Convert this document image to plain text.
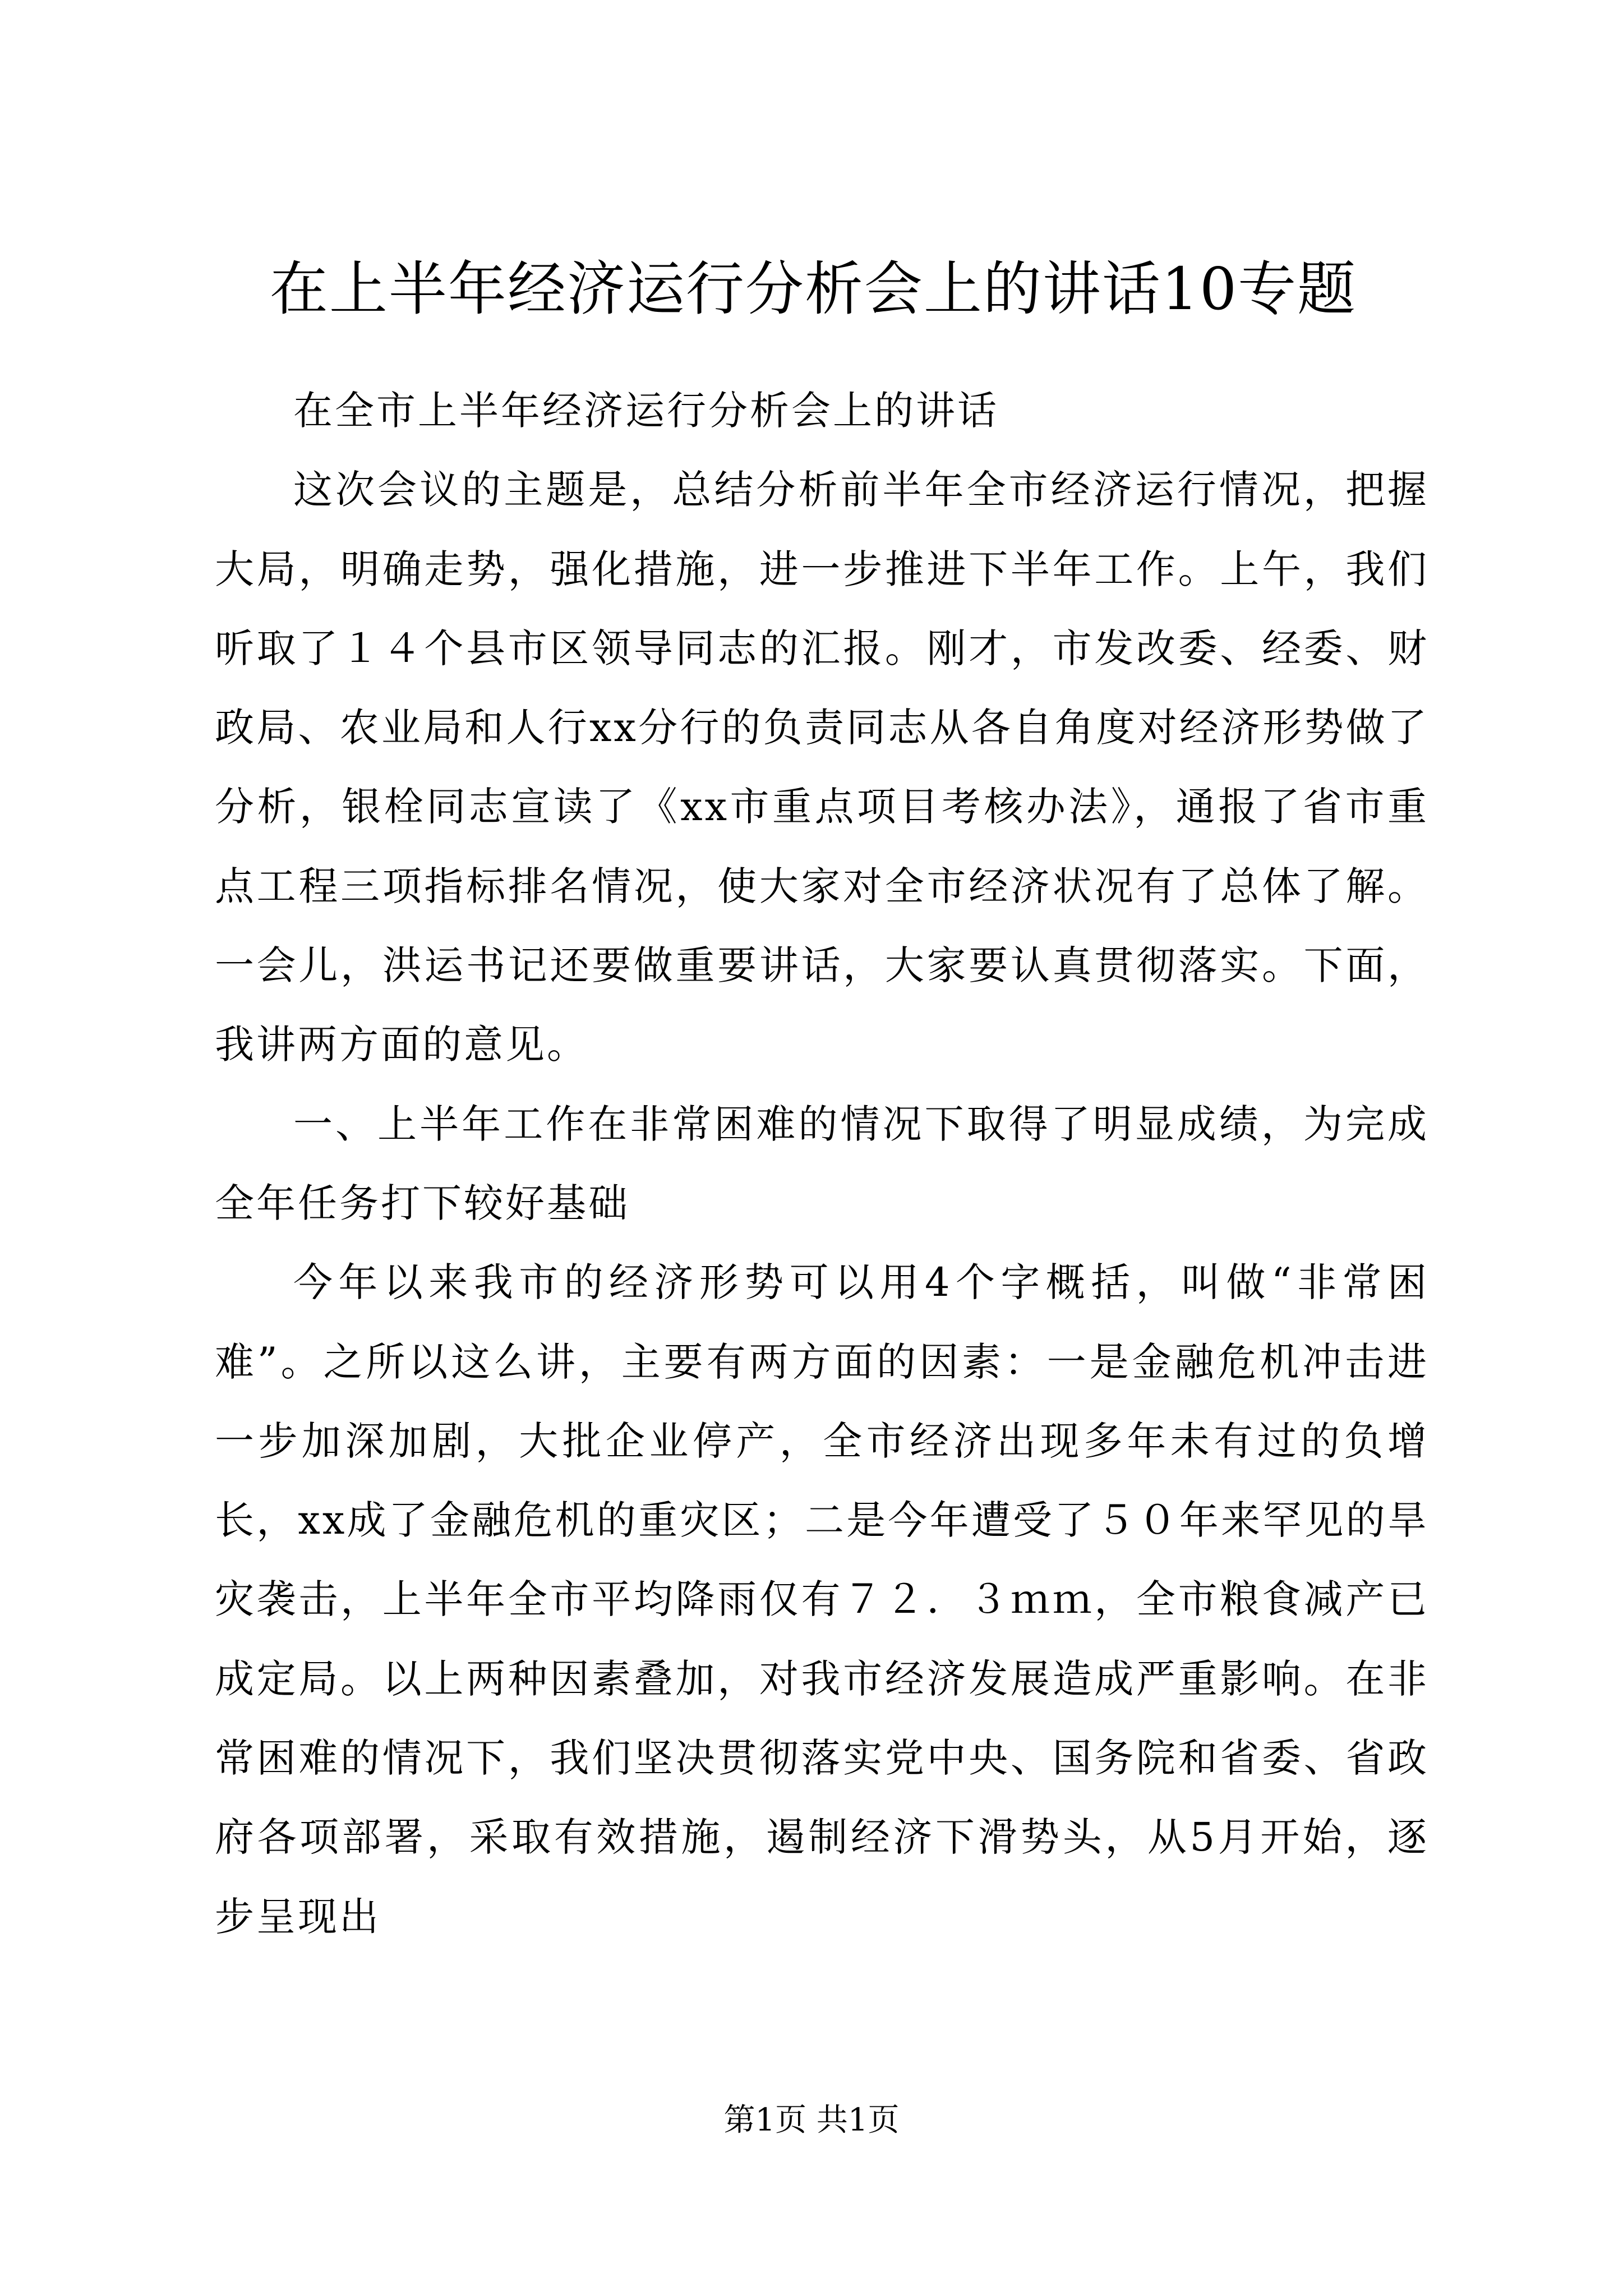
在上半年经济运行分析会上的讲话10专题

在全市上半年经济运行分析会上的讲话

这次会议的主题是，总结分析前半年全市经济运行情况，把握大局，明确走势，强化措施，进一步推进下半年工作。上午，我们听取了１４个县市区领导同志的汇报。刚才，市发改委、经委、财政局、农业局和人行xx分行的负责同志从各自角度对经济形势做了分析，银栓同志宣读了《xx市重点项目考核办法》，通报了省市重点工程三项指标排名情况，使大家对全市经济状况有了总体了解。一会儿，洪运书记还要做重要讲话，大家要认真贯彻落实。下面，我讲两方面的意见。

一、上半年工作在非常困难的情况下取得了明显成绩，为完成全年任务打下较好基础

今年以来我市的经济形势可以用4个字概括，叫做“非常困难”。之所以这么讲，主要有两方面的因素：一是金融危机冲击进一步加深加剧，大批企业停产，全市经济出现多年未有过的负增长，xx成了金融危机的重灾区；二是今年遭受了５０年来罕见的旱灾袭击，上半年全市平均降雨仅有７２．３ｍｍ，全市粮食减产已成定局。以上两种因素叠加，对我市经济发展造成严重影响。在非常困难的情况下，我们坚决贯彻落实党中央、国务院和省委、省政府各项部署，采取有效措施，遏制经济下滑势头，从5月开始，逐步呈现出

第1页 共1页
